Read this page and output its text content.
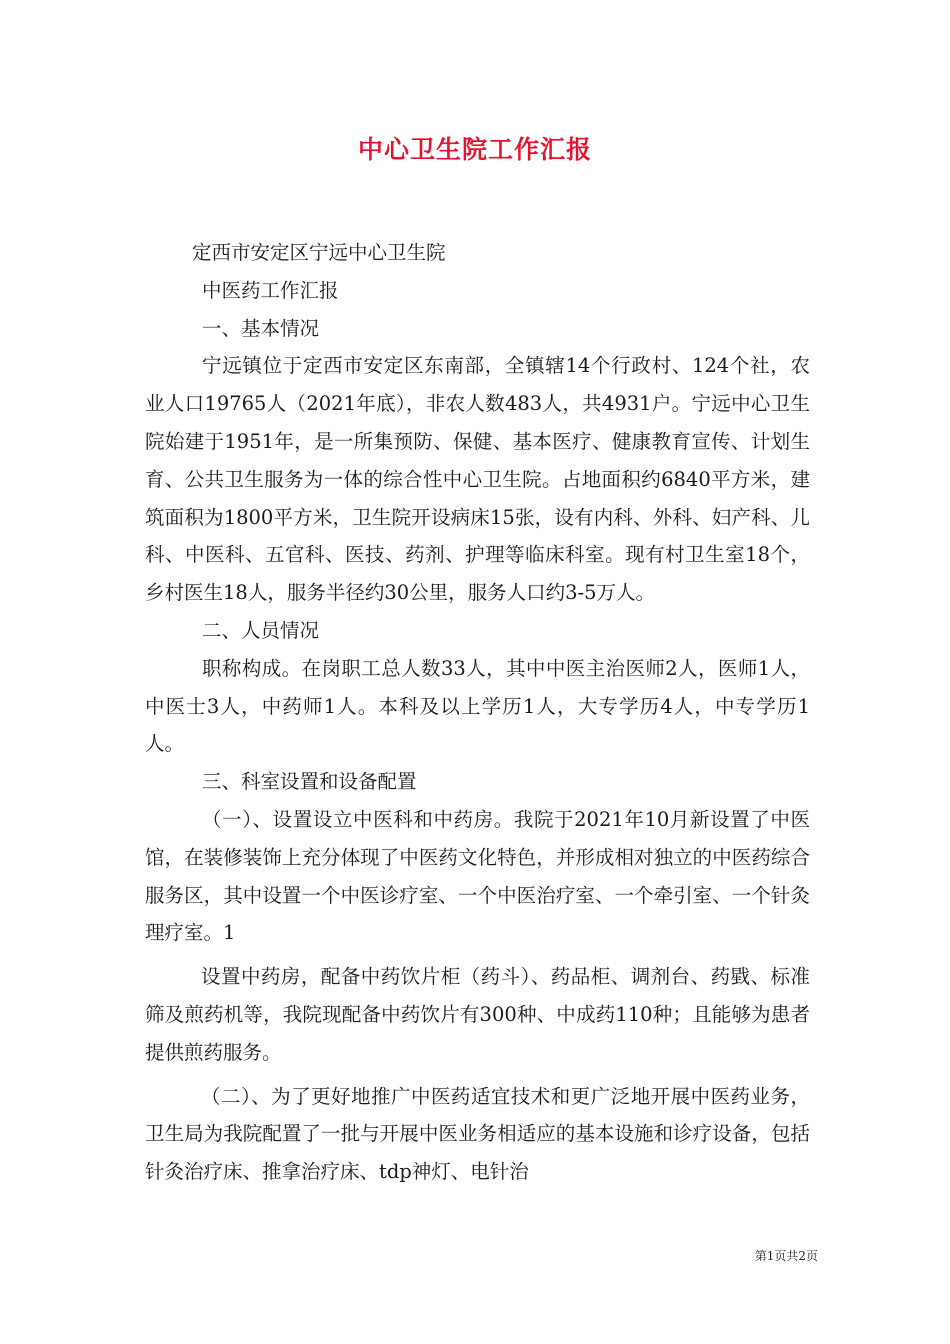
中心卫生院工作汇报

定西市安定区宁远中心卫生院

中医药工作汇报

一、基本情况

宁远镇位于定西市安定区东南部，全镇辖14个行政村、124个社，农业人口19765人（2021年底），非农人数483人，共4931户。宁远中心卫生院始建于1951年，是一所集预防、保健、基本医疗、健康教育宣传、计划生育、公共卫生服务为一体的综合性中心卫生院。占地面积约6840平方米，建筑面积为1800平方米，卫生院开设病床15张，设有内科、外科、妇产科、儿科、中医科、五官科、医技、药剂、护理等临床科室。现有村卫生室18个，乡村医生18人，服务半径约30公里，服务人口约3-5万人。

二、人员情况

职称构成。在岗职工总人数33人，其中中医主治医师2人，医师1人，中医士3人，中药师1人。本科及以上学历1人，大专学历4人，中专学历1人。

三、科室设置和设备配置

（一）、设置设立中医科和中药房。我院于2021年10月新设置了中医馆，在装修装饰上充分体现了中医药文化特色，并形成相对独立的中医药综合服务区，其中设置一个中医诊疗室、一个中医治疗室、一个牵引室、一个针灸理疗室。1

设置中药房，配备中药饮片柜（药斗）、药品柜、调剂台、药戥、标准筛及煎药机等，我院现配备中药饮片有300种、中成药110种；且能够为患者提供煎药服务。

（二）、为了更好地推广中医药适宜技术和更广泛地开展中医药业务，卫生局为我院配置了一批与开展中医业务相适应的基本设施和诊疗设备，包括针灸治疗床、推拿治疗床、tdp神灯、电针治

第1页共2页
